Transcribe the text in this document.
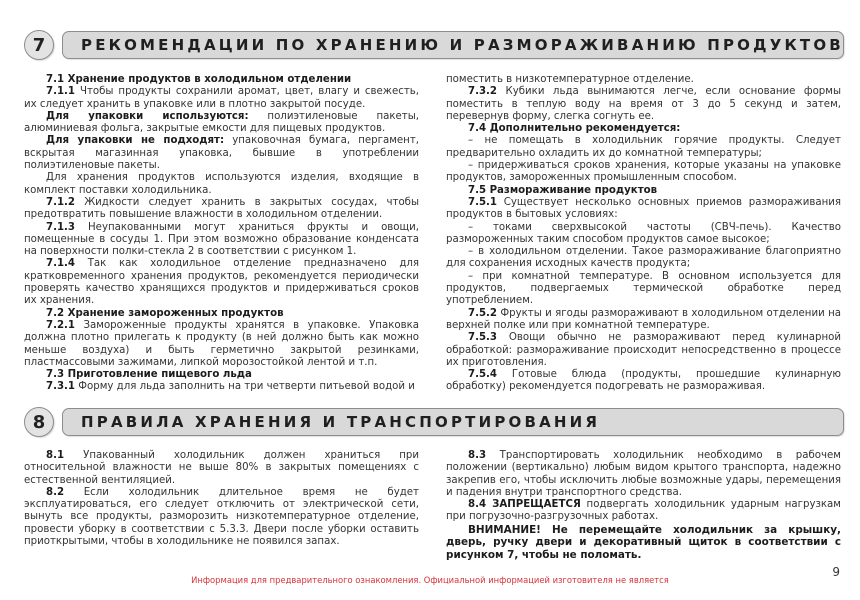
7	РЕКОМЕНДАЦИИ ПО ХРАНЕНИЮ И РАЗМОРАЖИВАНИЮ ПРОДУКТОВ

7.1 Хранение продуктов в холодильном отделении

7.1.1 Чтобы продукты сохранили аромат, цвет, влагу и свежесть, их следует хранить в упаковке или в плотно закрытой посуде.

Для упаковки используются: полиэтиленовые пакеты, алюминиевая фольга, закрытые емкости для пищевых продуктов.

Для упаковки не подходят: упаковочная бумага, пергамент, вскрытая магазинная упаковка, бывшие в употреблении полиэтиленовые пакеты.

Для хранения продуктов используются изделия, входящие в комплект поставки холодильника.

7.1.2 Жидкости следует хранить в закрытых сосудах, чтобы предотвратить повышение влажности в холодильном отделении.

7.1.3 Неупакованными могут храниться фрукты и овощи, помещенные в сосуды 1. При этом возможно образование конденсата на поверхности полки-стекла 2 в соответствии с рисунком 1.

7.1.4 Так как холодильное отделение предназначено для кратковременного хранения продуктов, рекомендуется периодически проверять качество хранящихся продуктов и придерживаться сроков их хранения.

7.2 Хранение замороженных продуктов

7.2.1 Замороженные продукты хранятся в упаковке. Упаковка должна плотно прилегать к продукту (в ней должно быть как можно меньше воздуха) и быть герметично закрытой резинками, пластмассовыми зажимами, липкой морозостойкой лентой и т.п.

7.3 Приготовление пищевого льда

7.3.1 Форму для льда заполнить на три четверти питьевой водой и

поместить в низкотемпературное отделение.

7.3.2 Кубики льда вынимаются легче, если основание формы поместить в теплую воду на время от 3 до 5 секунд и затем, перевернув форму, слегка согнуть ее.

7.4 Дополнительно рекомендуется:

– не помещать в холодильник горячие продукты. Следует предварительно охладить их до комнатной температуры;

– придерживаться сроков хранения, которые указаны на упаковке продуктов, замороженных промышленным способом.

7.5 Размораживание продуктов

7.5.1 Существует несколько основных приемов размораживания продуктов в бытовых условиях:

– токами сверхвысокой частоты (СВЧ-печь). Качество размороженных таким способом продуктов самое высокое;

– в холодильном отделении. Такое размораживание благоприятно для сохранения исходных качеств продукта;

– при комнатной температуре. В основном используется для продуктов, подвергаемых термической обработке перед употреблением.

7.5.2 Фрукты и ягоды размораживают в холодильном отделении на верхней полке или при комнатной температуре.

7.5.3 Овощи обычно не размораживают перед кулинарной обработкой: размораживание происходит непосредственно в процессе их приготовления.

7.5.4 Готовые блюда (продукты, прошедшие кулинарную обработку) рекомендуется подогревать не размораживая.

8	ПРАВИЛА ХРАНЕНИЯ И ТРАНСПОРТИРОВАНИЯ

8.1 Упакованный холодильник должен храниться при относительной влажности не выше 80% в закрытых помещениях с естественной вентиляцией.

8.2 Если холодильник длительное время не будет эксплуатироваться, его следует отключить от электрической сети, вынуть все продукты, разморозить низкотемпературное отделение, провести уборку в соответствии с 5.3.3. Двери после уборки оставить приоткрытыми, чтобы в холодильнике не появился запах.

8.3 Транспортировать холодильник необходимо в рабочем положении (вертикально) любым видом крытого транспорта, надежно закрепив его, чтобы исключить любые возможные удары, перемещения и падения внутри транспортного средства.

8.4 ЗАПРЕЩАЕТСЯ подвергать холодильник ударным нагрузкам при погрузочно-разгрузочных работах.

ВНИМАНИЕ! Не перемещайте холодильник за крышку, дверь, ручку двери и декоративный щиток в соответствии с рисунком 7, чтобы не поломать.

Информация для предварительного ознакомления. Официальной информацией изготовителя не является
9
